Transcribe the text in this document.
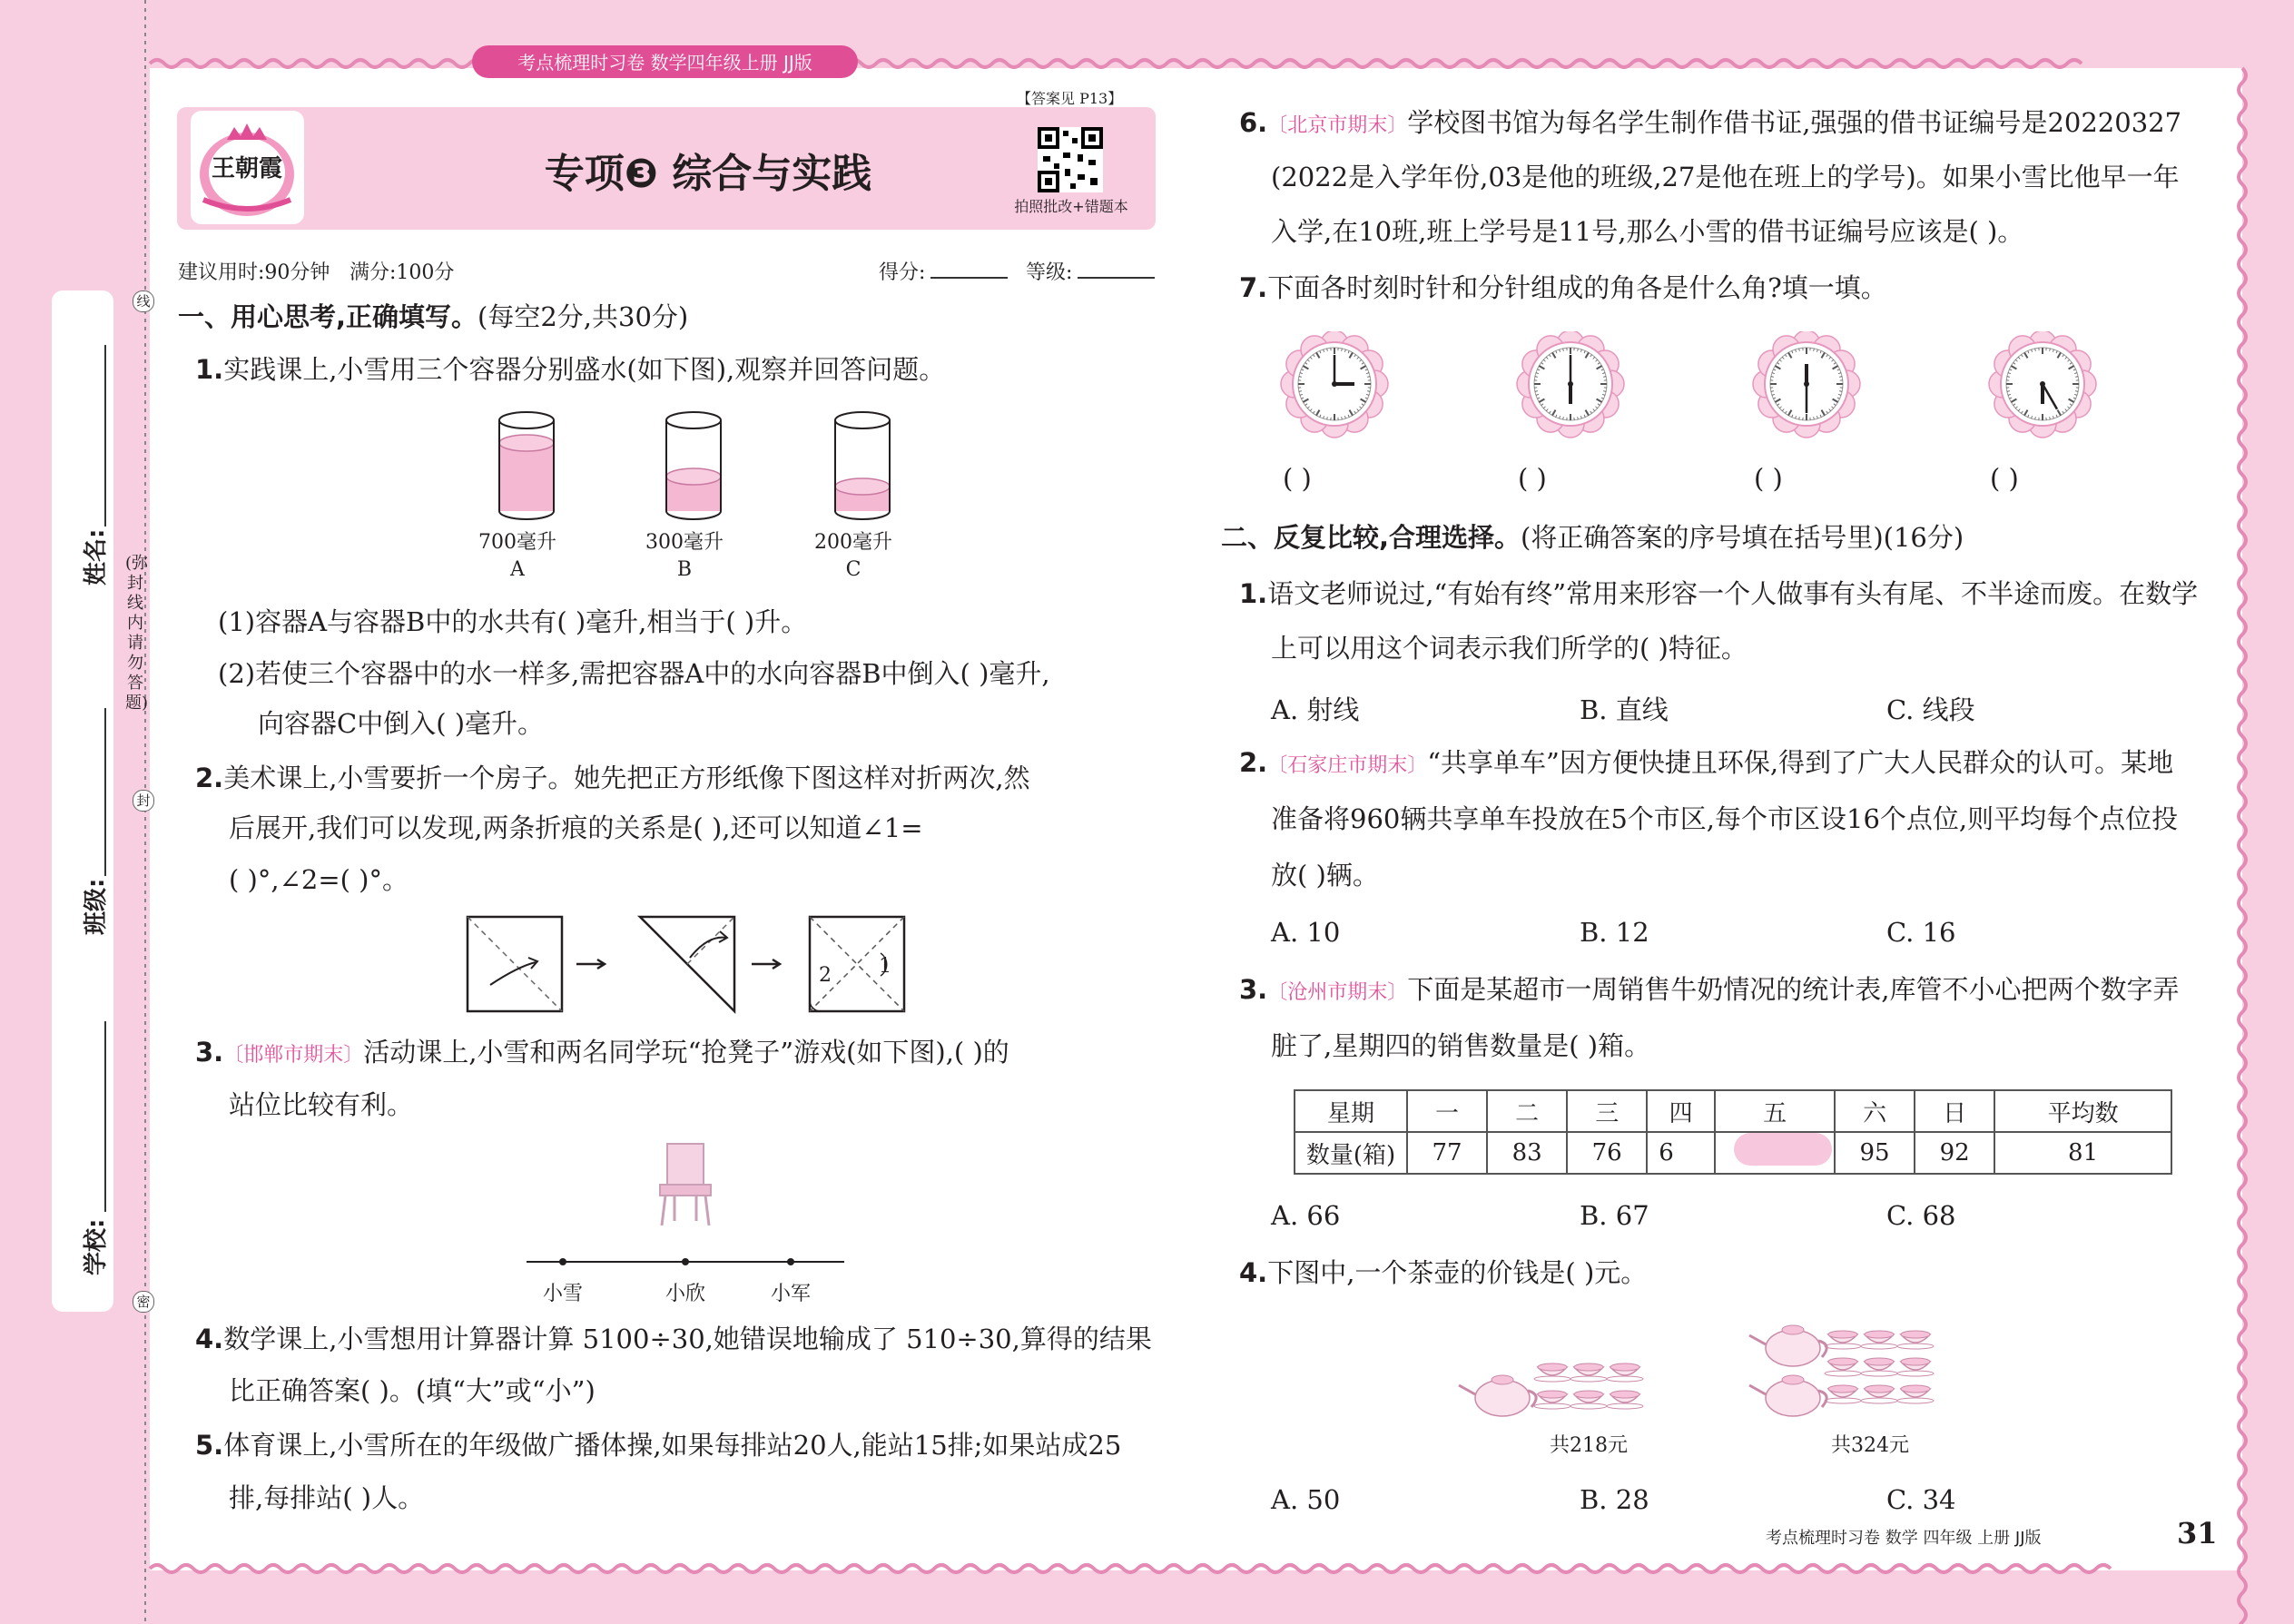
考点梳理时习卷 数学四年级上册 JJ版
王朝霞	专项❸ 综合与实践
【答案见 P13】
拍照批改+错题本
建议用时:90分钟 满分:100分	得分:	等级:
姓名:
班级:
学校:
(弥封线内请勿答题)
线
封
密
一、用心思考,正确填写。(每空2分,共30分)
1.实践课上,小雪用三个容器分别盛水(如下图),观察并回答问题。
700毫升
A
300毫升
B
200毫升
C
(1)容器A与容器B中的水共有( )毫升,相当于( )升。
(2)若使三个容器中的水一样多,需把容器A中的水向容器B中倒入( )毫升,
向容器C中倒入( )毫升。
2.美术课上,小雪要折一个房子。她先把正方形纸像下图这样对折两次,然
后展开,我们可以发现,两条折痕的关系是( ),还可以知道∠1=
( )°,∠2=( )°。
1
2
3.〔邯郸市期末〕活动课上,小雪和两名同学玩“抢凳子”游戏(如下图),( )的
站位比较有利。
小雪	小欣	小军
4.数学课上,小雪想用计算器计算 5100÷30,她错误地输成了 510÷30,算得的结果
比正确答案( )。(填“大”或“小”)
5.体育课上,小雪所在的年级做广播体操,如果每排站20人,能站15排;如果站成25
排,每排站( )人。
6.〔北京市期末〕学校图书馆为每名学生制作借书证,强强的借书证编号是20220327
(2022是入学年份,03是他的班级,27是他在班上的学号)。如果小雪比他早一年
入学,在10班,班上学号是11号,那么小雪的借书证编号应该是( )。
7.下面各时刻时针和分针组成的角各是什么角?填一填。
( )	( )	( )	( )
二、反复比较,合理选择。(将正确答案的序号填在括号里)(16分)
1.语文老师说过,“有始有终”常用来形容一个人做事有头有尾、不半途而废。在数学
上可以用这个词表示我们所学的( )特征。
A. 射线	B. 直线	C. 线段
2.〔石家庄市期末〕“共享单车”因方便快捷且环保,得到了广大人民群众的认可。某地
准备将960辆共享单车投放在5个市区,每个市区设16个点位,则平均每个点位投
放( )辆。
A. 10	B. 12	C. 16
3.〔沧州市期末〕下面是某超市一周销售牛奶情况的统计表,库管不小心把两个数字弄
脏了,星期四的销售数量是( )箱。
星期	一	二	三	四	五	六	日	平均数
数量(箱)	77	83	76	6		95	92	81
A. 66	B. 67	C. 68
4.下图中,一个茶壶的价钱是( )元。
共218元	共324元
A. 50	B. 28	C. 34
考点梳理时习卷 数学 四年级 上册 JJ版	31
